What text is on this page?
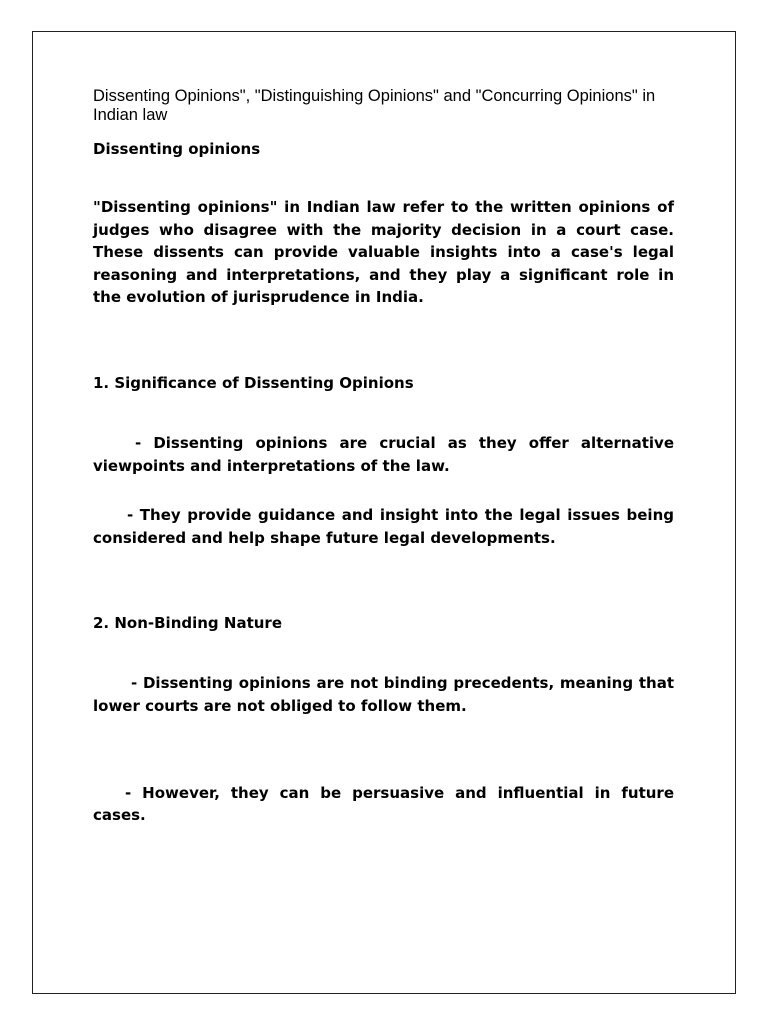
Dissenting Opinions", "Distinguishing Opinions" and "Concurring Opinions" in Indian law

Dissenting opinions

"Dissenting opinions" in Indian law refer to the written opinions of judges who disagree with the majority decision in a court case. These dissents can provide valuable insights into a case's legal reasoning and interpretations, and they play a significant role in the evolution of jurisprudence in India.

1. Significance of Dissenting Opinions

- Dissenting opinions are crucial as they offer alternative viewpoints and interpretations of the law.

- They provide guidance and insight into the legal issues being considered and help shape future legal developments.

2. Non-Binding Nature

- Dissenting opinions are not binding precedents, meaning that lower courts are not obliged to follow them.

- However, they can be persuasive and influential in future cases.
